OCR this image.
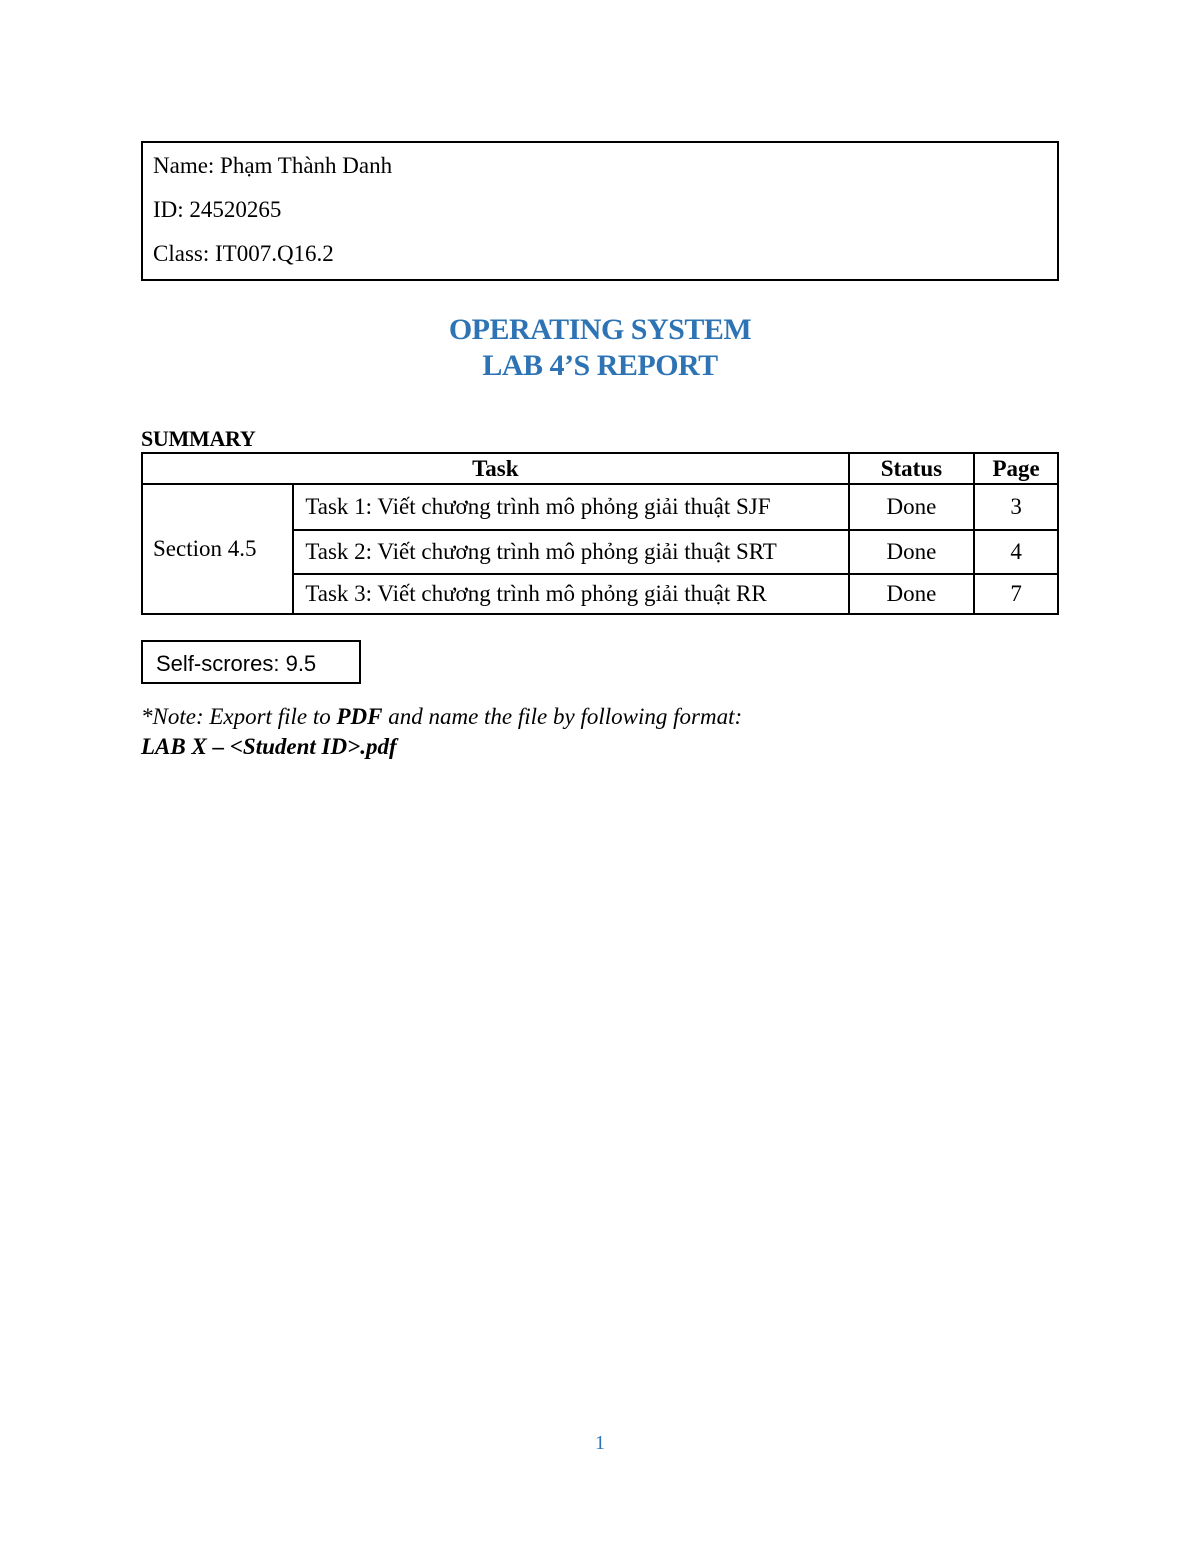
Name: Phạm Thành Danh
ID: 24520265
Class: IT007.Q16.2
OPERATING SYSTEM
LAB 4’S REPORT
SUMMARY
Task		Status	Page
Section 4.5	Task 1: Viết chương trình mô phỏng giải thuật SJF	Done	3
	Task 2: Viết chương trình mô phỏng giải thuật SRT	Done	4
	Task 3: Viết chương trình mô phỏng giải thuật RR	Done	7
Self-scrores: 9.5
*Note: Export file to PDF and name the file by following format:
LAB X – <Student ID>.pdf
1
